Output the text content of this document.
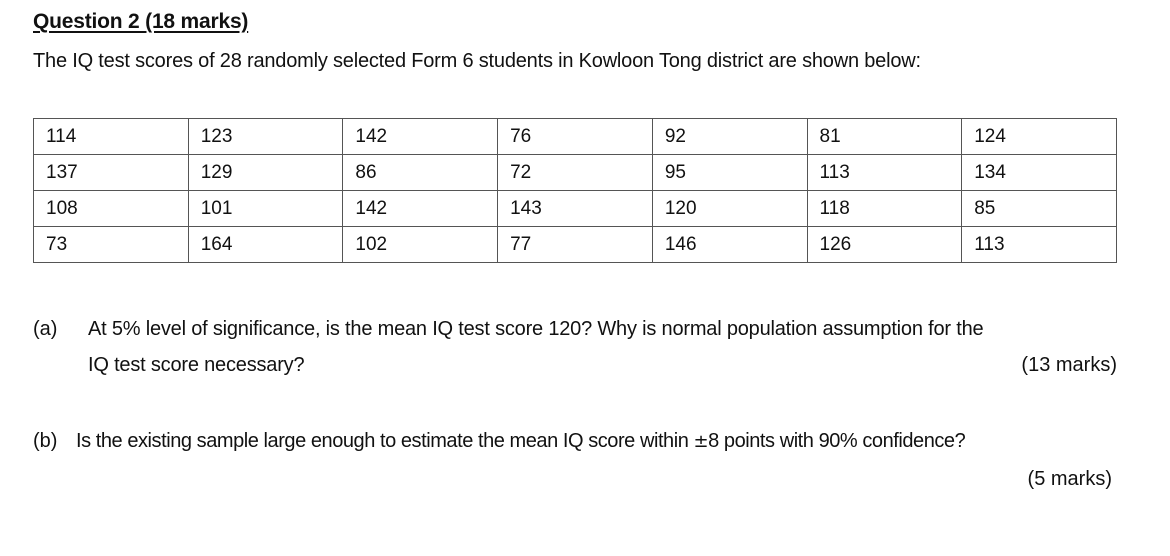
Question 2 (18 marks)
The IQ test scores of 28 randomly selected Form 6 students in Kowloon Tong district are shown below:
114	123	142	76	92	81	124
137	129	86	72	95	113	134
108	101	142	143	120	118	85
73	164	102	77	146	126	113
(a) At 5% level of significance, is the mean IQ test score 120? Why is normal population assumption for the
IQ test score necessary?	(13 marks)
(b) Is the existing sample large enough to estimate the mean IQ score within ±8 points with 90% confidence?
(5 marks)
